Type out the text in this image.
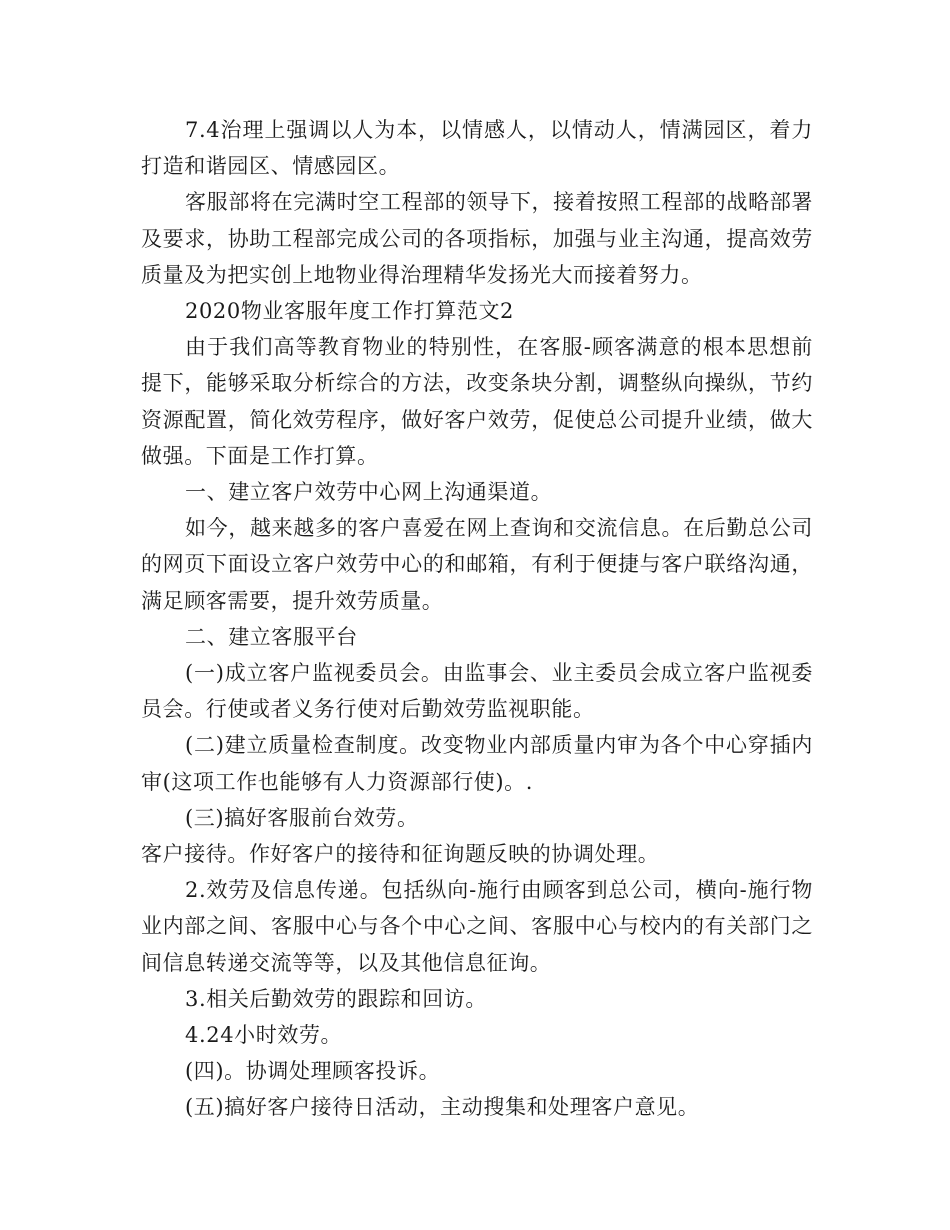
7.4治理上强调以人为本，以情感人，以情动人，情满园区，着力打造和谐园区、情感园区。

客服部将在完满时空工程部的领导下，接着按照工程部的战略部署及要求，协助工程部完成公司的各项指标，加强与业主沟通，提高效劳质量及为把实创上地物业得治理精华发扬光大而接着努力。

2020物业客服年度工作打算范文2

由于我们高等教育物业的特别性，在客服-顾客满意的根本思想前提下，能够采取分析综合的方法，改变条块分割，调整纵向操纵，节约资源配置，简化效劳程序，做好客户效劳，促使总公司提升业绩，做大做强。下面是工作打算。

一、建立客户效劳中心网上沟通渠道。

如今，越来越多的客户喜爱在网上查询和交流信息。在后勤总公司的网页下面设立客户效劳中心的和邮箱，有利于便捷与客户联络沟通，满足顾客需要，提升效劳质量。

二、建立客服平台

(一)成立客户监视委员会。由监事会、业主委员会成立客户监视委员会。行使或者义务行使对后勤效劳监视职能。

(二)建立质量检查制度。改变物业内部质量内审为各个中心穿插内审(这项工作也能够有人力资源部行使)。.

(三)搞好客服前台效劳。

客户接待。作好客户的接待和征询题反映的协调处理。

2.效劳及信息传递。包括纵向-施行由顾客到总公司，横向-施行物业内部之间、客服中心与各个中心之间、客服中心与校内的有关部门之间信息转递交流等等，以及其他信息征询。

3.相关后勤效劳的跟踪和回访。

4.24小时效劳。

(四)。协调处理顾客投诉。

(五)搞好客户接待日活动，主动搜集和处理客户意见。
